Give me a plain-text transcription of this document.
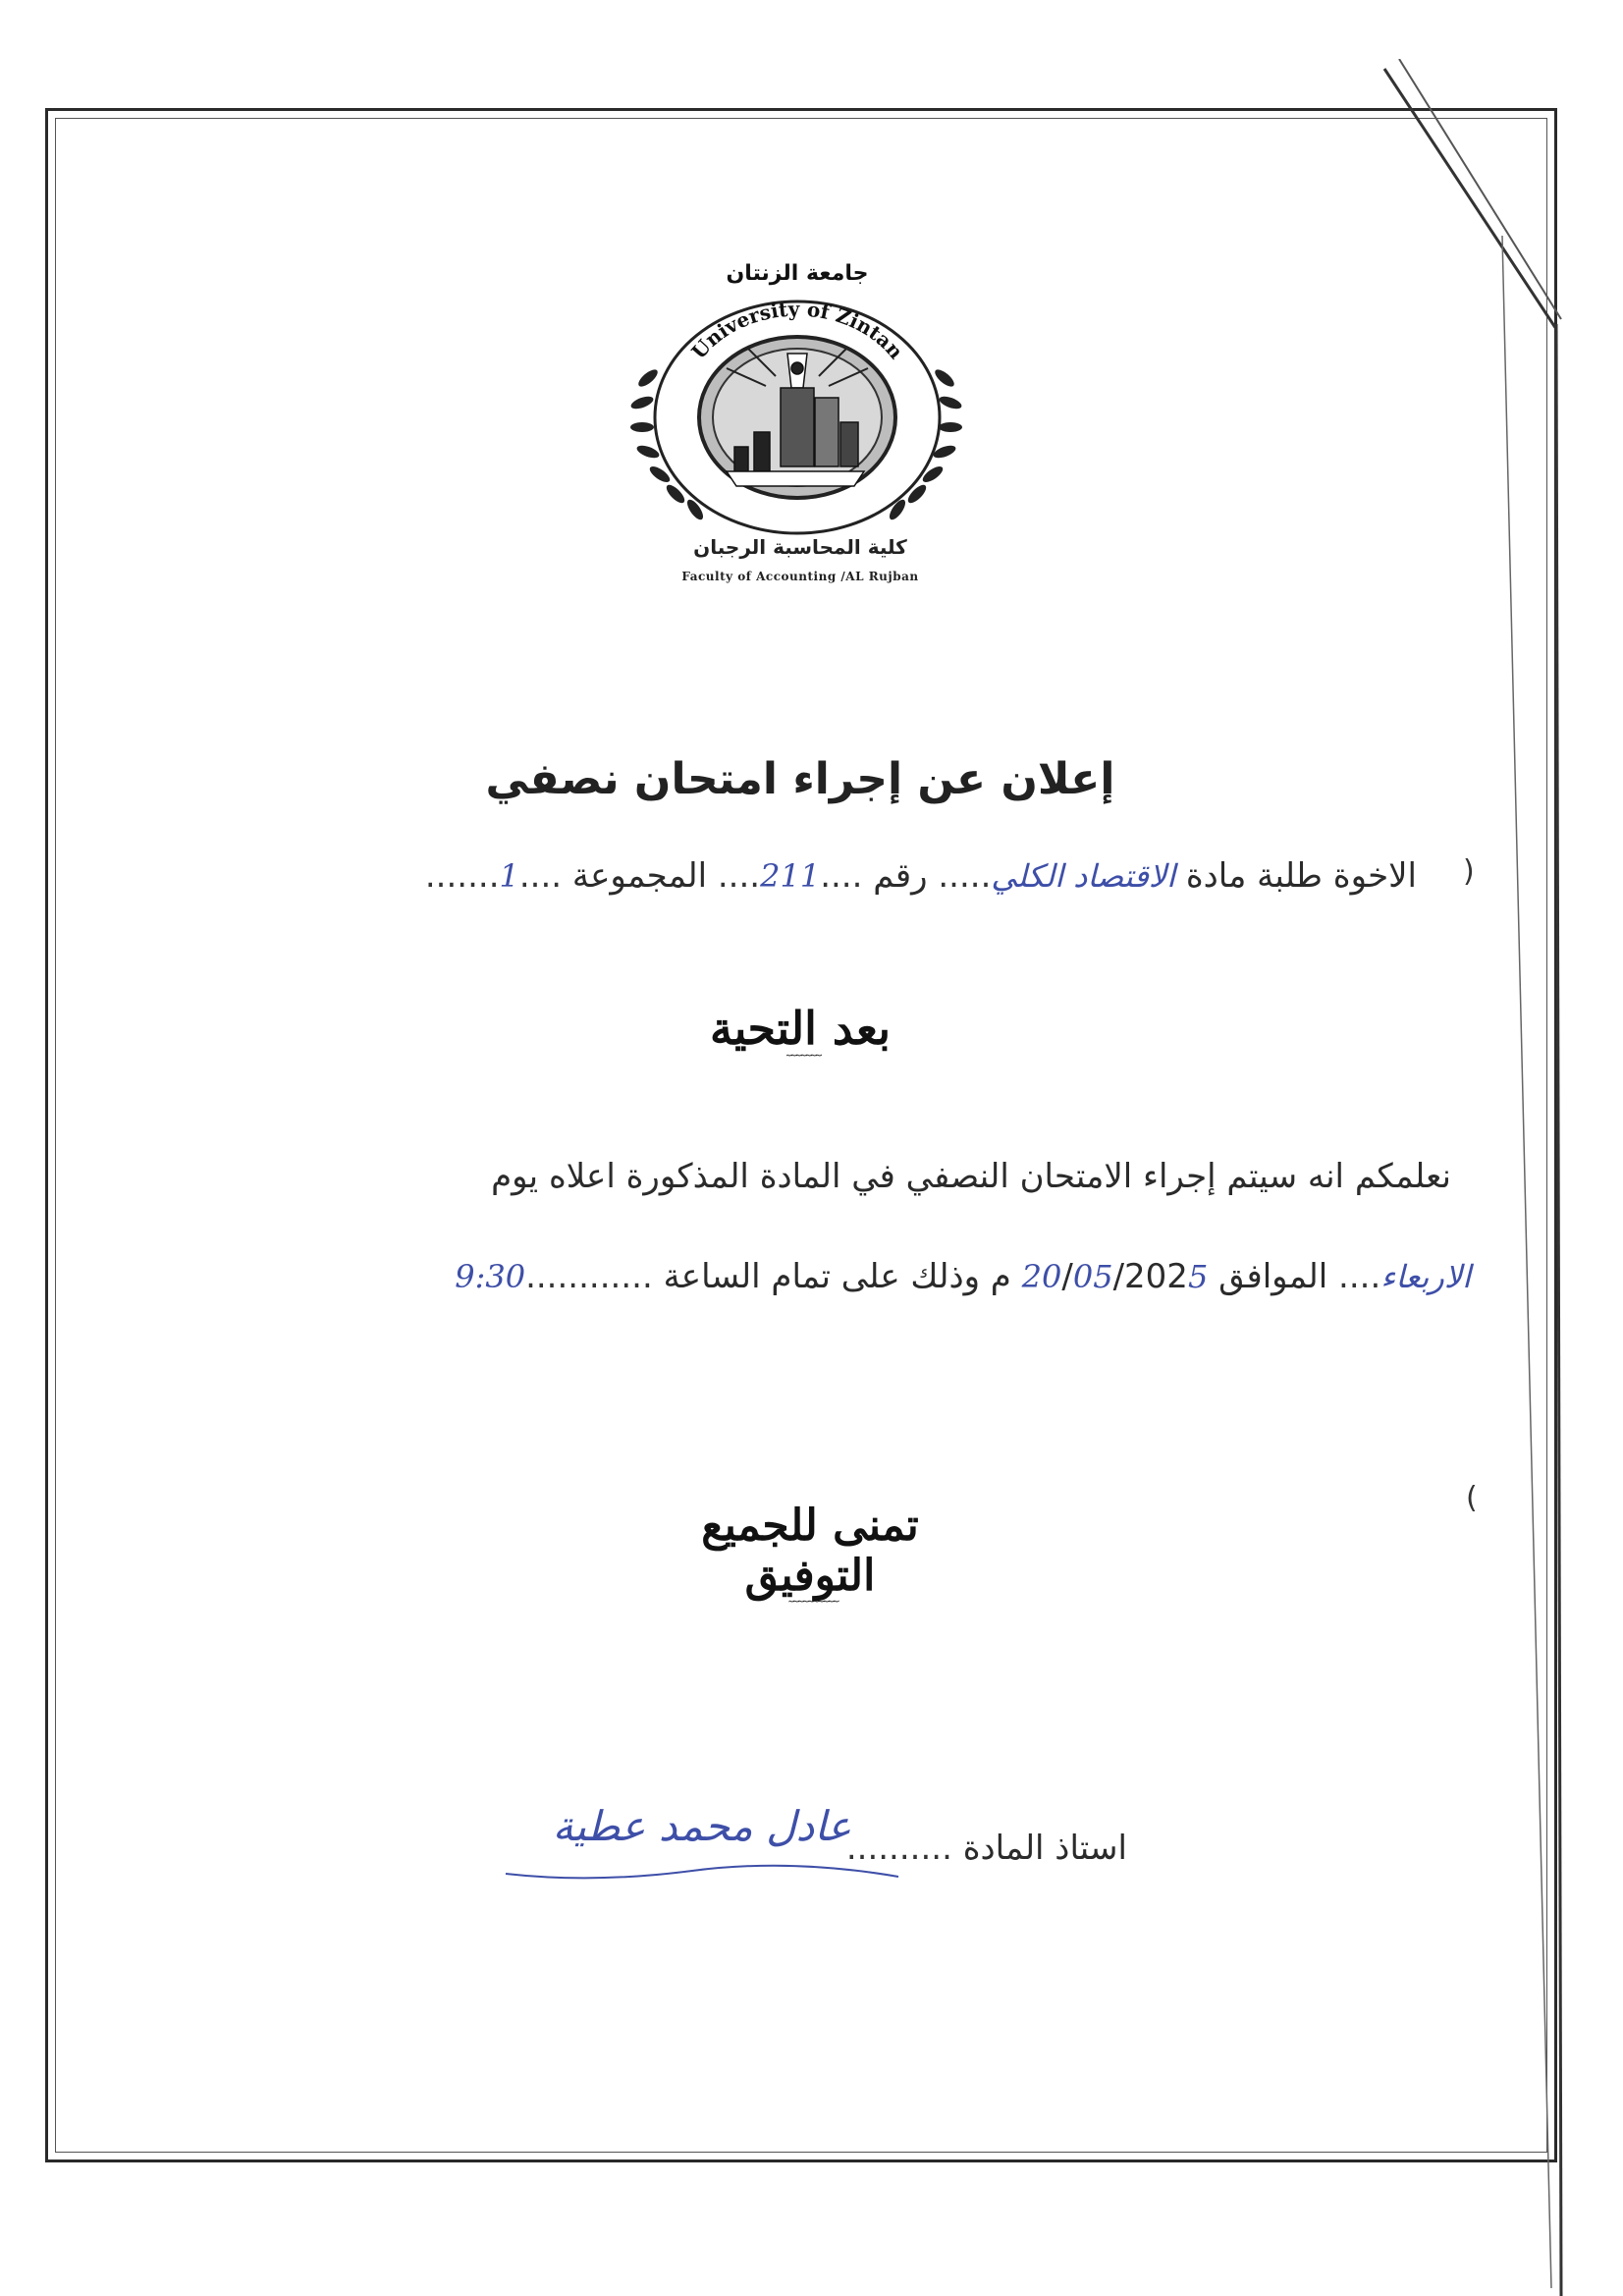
University of Zintan
جامعة الزنتان
كلية المحاسبة الرجبان
Faculty of Accounting /AL Rujban
إعلان عن إجراء امتحان نصفي
)
الاخوة طلبة مادة الاقتصاد الكلي..... رقم ....211.... المجموعة ....1.......
بعد التحية
ٓ ٓ ٓ ٓ ٓ ٓ ٓ
نعلمكم انه سيتم إجراء الامتحان النصفي في المادة المذكورة اعلاه يوم
الاربعاء.... الموافق 20/05/2025 م وذلك على تمام الساعة ............9:30
(
تمنى للجميع التوفيق
ٓ ٓ ٓ ٓ ٓ ٓ ٓ ٓ ٓ ٓ
استاذ المادة ..........
عادل محمد عطية
